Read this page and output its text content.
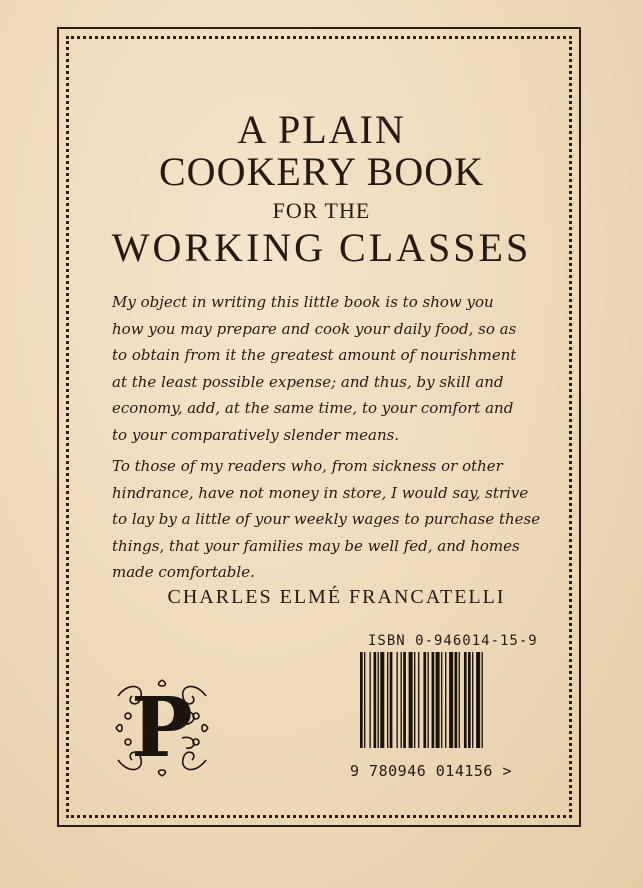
A PLAIN
COOKERY BOOK
FOR THE
WORKING CLASSES
My object in writing this little book is to show you
how you may prepare and cook your daily food, so as
to obtain from it the greatest amount of nourishment
at the least possible expense; and thus, by skill and
economy, add, at the same time, to your comfort and
to your comparatively slender means.
To those of my readers who, from sickness or other
hindrance, have not money in store, I would say, strive
to lay by a little of your weekly wages to purchase these
things, that your families may be well fed, and homes
made comfortable.
CHARLES ELMÉ FRANCATELLI
P
ISBN 0-946014-15-9
9 780946 014156 >
